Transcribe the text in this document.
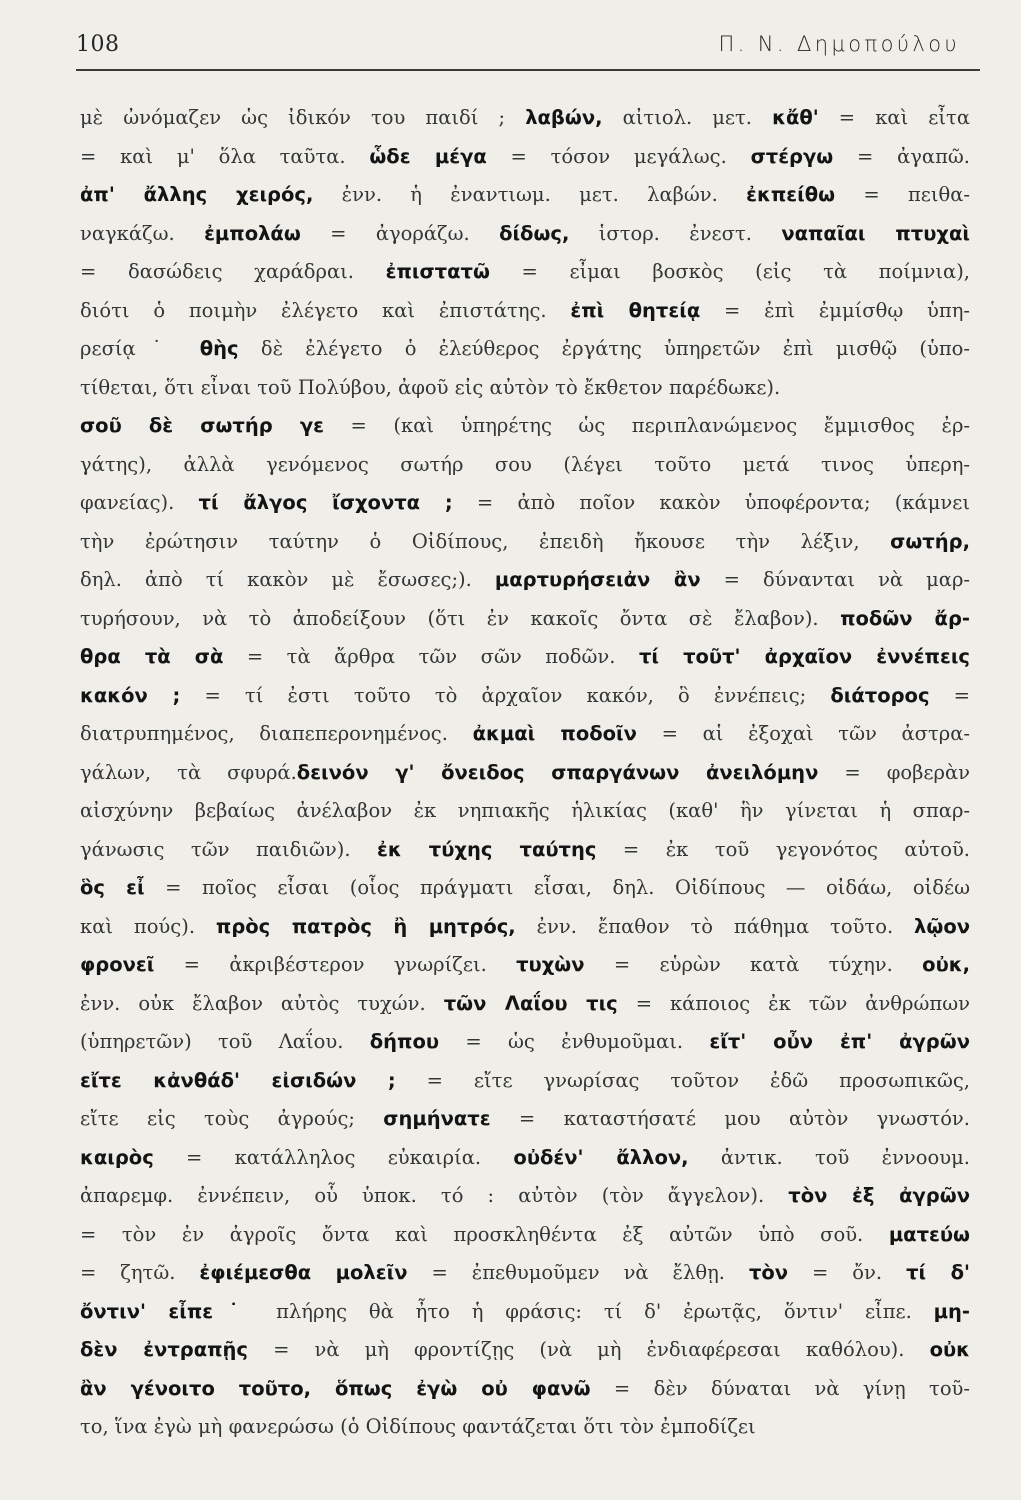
108	Π. Ν. Δημοπούλου
μὲ ὠνόμαζεν ὡς ἰδικόν του παιδί ; λαβών, αἰτιολ. μετ. κἄθ' = καὶ εἶτα
= καὶ μ' ὅλα ταῦτα. ὧδε μέγα = τόσον μεγάλως. στέργω = ἀγαπῶ.
ἀπ' ἄλλης χειρός, ἐνν. ἡ ἐναντιωμ. μετ. λαβών. ἐκπείθω = πειθα-
ναγκάζω. ἐμπολάω = ἀγοράζω. δίδως, ἱστορ. ἐνεστ. ναπαῖαι πτυχαὶ
= δασώδεις χαράδραι. ἐπιστατῶ = εἶμαι βοσκὸς (εἰς τὰ ποίμνια),
διότι ὁ ποιμὴν ἐλέγετο καὶ ἐπιστάτης. ἐπὶ θητείᾳ = ἐπὶ ἐμμίσθῳ ὑπη-
ρεσίᾳ˙ θὴς δὲ ἐλέγετο ὁ ἐλεύθερος ἐργάτης ὑπηρετῶν ἐπὶ μισθῷ (ὑπο-
τίθεται, ὅτι εἶναι τοῦ Πολύβου, ἀφοῦ εἰς αὐτὸν τὸ ἔκθετον παρέδωκε).
σοῦ δὲ σωτήρ γε = (καὶ ὑπηρέτης ὡς περιπλανώμενος ἔμμισθος ἐρ-
γάτης), ἀλλὰ γενόμενος σωτήρ σου (λέγει τοῦτο μετά τινος ὑπερη-
φανείας). τί ἄλγος ἴσχοντα ; = ἀπὸ ποῖον κακὸν ὑποφέροντα; (κάμνει
τὴν ἐρώτησιν ταύτην ὁ Οἰδίπους, ἐπειδὴ ἤκουσε τὴν λέξιν, σωτήρ,
δηλ. ἀπὸ τί κακὸν μὲ ἔσωσες;). μαρτυρήσειἀν ἂν = δύνανται νὰ μαρ-
τυρήσουν, νὰ τὸ ἀποδείξουν (ὅτι ἐν κακοῖς ὄντα σὲ ἔλαβον). ποδῶν ἄρ-
θρα τὰ σὰ = τὰ ἄρθρα τῶν σῶν ποδῶν. τί τοῦτ' ἀρχαῖον ἐννέπεις
κακόν ; = τί ἐστι τοῦτο τὸ ἀρχαῖον κακόν, ὃ ἐννέπεις; διάτορος =
διατρυπημένος, διαπεπερονημένος. ἀκμαὶ ποδοῖν = αἱ ἐξοχαὶ τῶν ἀστρα-
γάλων, τὰ σφυρά.δεινόν γ' ὄνειδος σπαργάνων ἀνειλόμην = φοβερὰν
αἰσχύνην βεβαίως ἀνέλαβον ἐκ νηπιακῆς ἡλικίας (καθ' ἣν γίνεται ἡ σπαρ-
γάνωσις τῶν παιδιῶν). ἐκ τύχης ταύτης = ἐκ τοῦ γεγονότος αὐτοῦ.
ὃς εἶ = ποῖος εἶσαι (οἷος πράγματι εἶσαι, δηλ. Οἰδίπους — οἰδάω, οἰδέω
καὶ πούς). πρὸς πατρὸς ἢ μητρός, ἐνν. ἔπαθον τὸ πάθημα τοῦτο. λῷον
φρονεῖ = ἀκριβέστερον γνωρίζει. τυχὼν = εὑρὼν κατὰ τύχην. οὐκ,
ἐνν. οὐκ ἔλαβον αὐτὸς τυχών. τῶν Λαΐου τις = κάποιος ἐκ τῶν ἀνθρώπων
(ὑπηρετῶν) τοῦ Λαΐου. δήπου = ὡς ἐνθυμοῦμαι. εἴτ' οὖν ἐπ' ἀγρῶν
εἴτε κἀνθάδ' εἰσιδών ; = εἴτε γνωρίσας τοῦτον ἐδῶ προσωπικῶς,
εἴτε εἰς τοὺς ἀγρούς; σημήνατε = καταστήσατέ μου αὐτὸν γνωστόν.
καιρὸς = κατάλληλος εὐκαιρία. οὐδέν' ἄλλον, ἀντικ. τοῦ ἐννοουμ.
ἀπαρεμφ. ἐννέπειν, οὗ ὑποκ. τό : αὐτὸν (τὸν ἄγγελον). τὸν ἐξ ἀγρῶν
= τὸν ἐν ἀγροῖς ὄντα καὶ προσκληθέντα ἐξ αὐτῶν ὑπὸ σοῦ. ματεύω
= ζητῶ. ἐφιέμεσθα μολεῖν = ἐπεθυμοῦμεν νὰ ἔλθῃ. τὸν = ὄν. τί δ'
ὄντιν' εἶπε˙ πλήρης θὰ ἦτο ἡ φράσις: τί δ' ἐρωτᾷς, ὅντιν' εἶπε. μη-
δὲν ἐντραπῇς = νὰ μὴ φροντίζῃς (νὰ μὴ ἐνδιαφέρεσαι καθόλου). οὐκ
ἂν γένοιτο τοῦτο, ὅπως ἐγὼ οὐ φανῶ = δὲν δύναται νὰ γίνῃ τοῦ-
το, ἵνα ἐγὼ μὴ φανερώσω (ὁ Οἰδίπους φαντάζεται ὅτι τὸν ἐμποδίζει
